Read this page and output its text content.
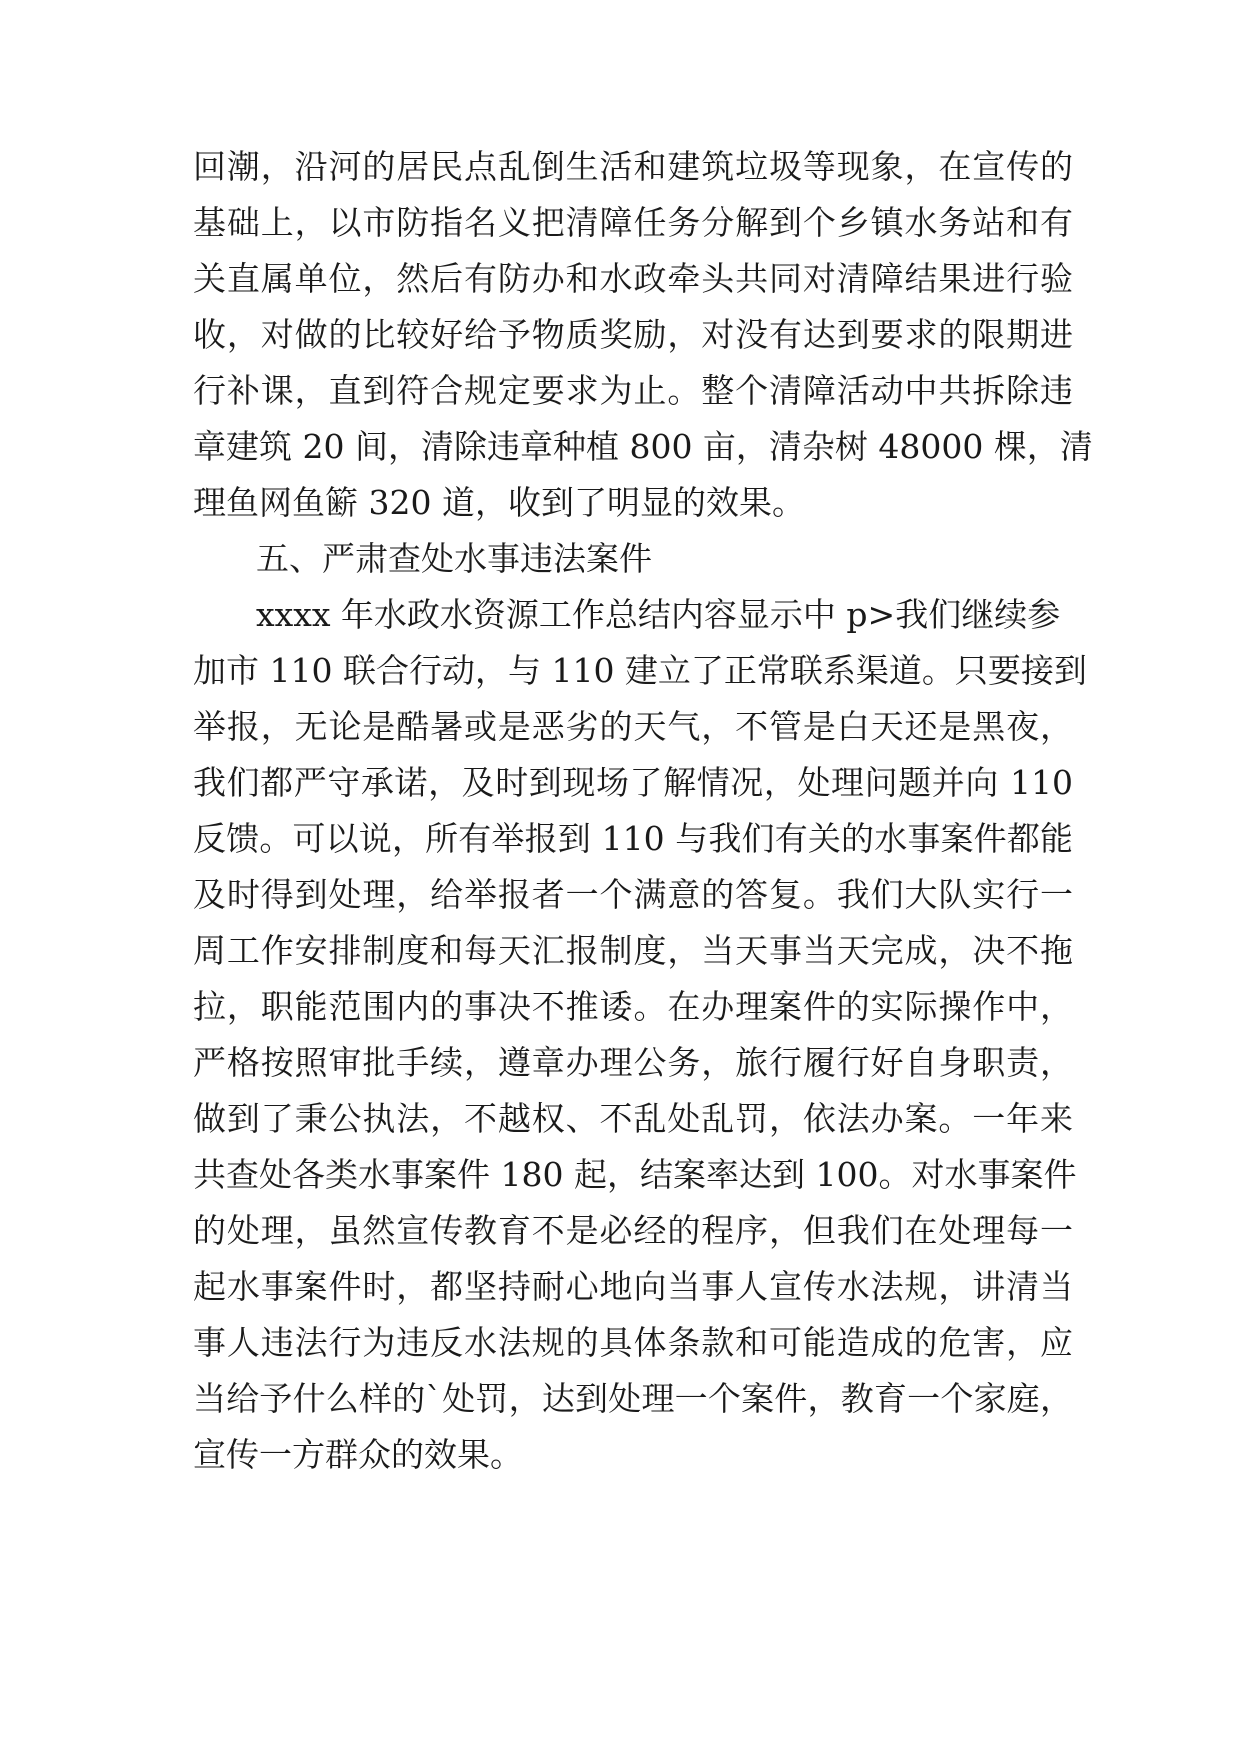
回潮，沿河的居民点乱倒生活和建筑垃圾等现象，在宣传的
基础上，以市防指名义把清障任务分解到个乡镇水务站和有
关直属单位，然后有防办和水政牵头共同对清障结果进行验
收，对做的比较好给予物质奖励，对没有达到要求的限期进
行补课，直到符合规定要求为止。整个清障活动中共拆除违
章建筑 20 间，清除违章种植 800 亩，清杂树 48000 棵，清
理鱼网鱼簖 320 道，收到了明显的效果。
五、严肃查处水事违法案件
xxxx 年水政水资源工作总结内容显示中 p>我们继续参
加市 110 联合行动，与 110 建立了正常联系渠道。只要接到
举报，无论是酷暑或是恶劣的天气，不管是白天还是黑夜，
我们都严守承诺，及时到现场了解情况，处理问题并向 110
反馈。可以说，所有举报到 110 与我们有关的水事案件都能
及时得到处理，给举报者一个满意的答复。我们大队实行一
周工作安排制度和每天汇报制度，当天事当天完成，决不拖
拉，职能范围内的事决不推诿。在办理案件的实际操作中，
严格按照审批手续，遵章办理公务，旅行履行好自身职责，
做到了秉公执法，不越权、不乱处乱罚，依法办案。一年来
共查处各类水事案件 180 起，结案率达到 100。对水事案件
的处理，虽然宣传教育不是必经的程序，但我们在处理每一
起水事案件时，都坚持耐心地向当事人宣传水法规，讲清当
事人违法行为违反水法规的具体条款和可能造成的危害，应
当给予什么样的`处罚，达到处理一个案件，教育一个家庭，
宣传一方群众的效果。
